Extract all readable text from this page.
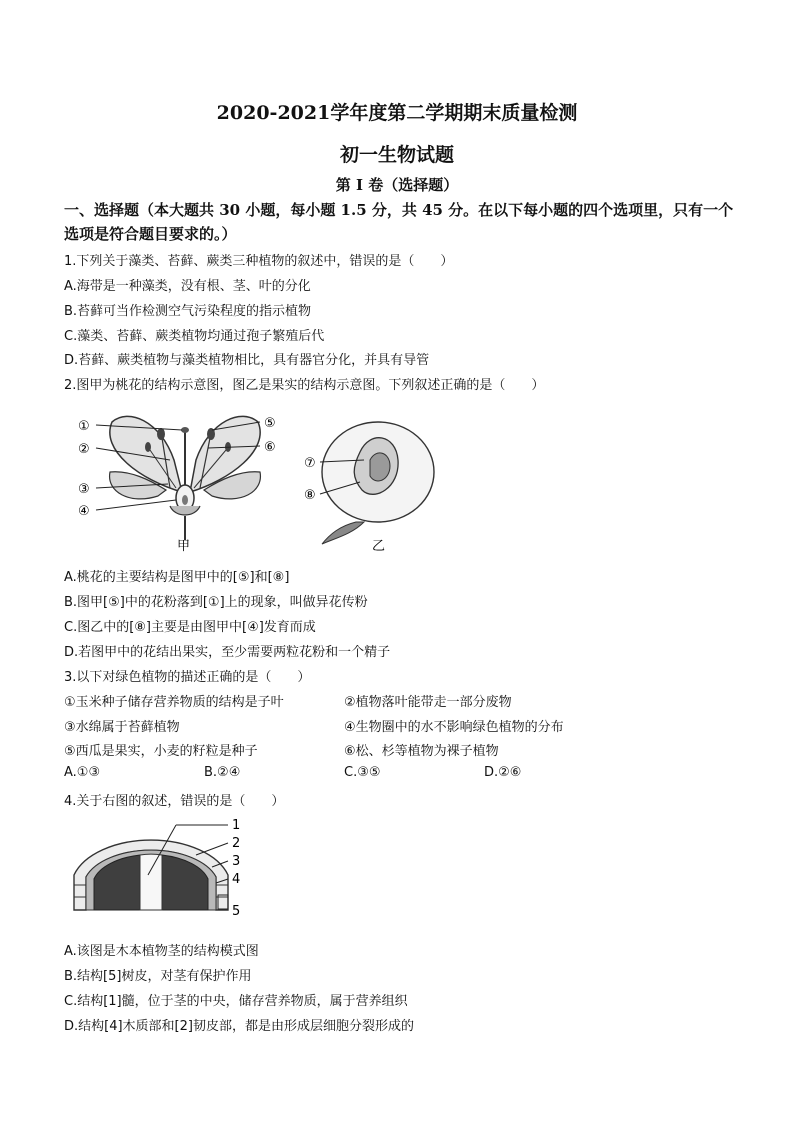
2020-2021学年度第二学期期末质量检测
初一生物试题
第 I 卷（选择题）
一、选择题（本大题共 30 小题，每小题 1.5 分，共 45 分。在以下每小题的四个选项里，只有一个选项是符合题目要求的。）
1.下列关于藻类、苔藓、蕨类三种植物的叙述中，错误的是（　　）
A.海带是一种藻类，没有根、茎、叶的分化
B.苔藓可当作检测空气污染程度的指示植物
C.藻类、苔藓、蕨类植物均通过孢子繁殖后代
D.苔藓、蕨类植物与藻类植物相比，具有器官分化，并具有导管
2.图甲为桃花的结构示意图，图乙是果实的结构示意图。下列叙述正确的是（　　）
①
②
③
④
⑤
⑥
甲
⑦
⑧
乙
A.桃花的主要结构是图甲中的[⑤]和[⑧]
B.图甲[⑤]中的花粉落到[①]上的现象，叫做异花传粉
C.图乙中的[⑧]主要是由图甲中[④]发育而成
D.若图甲中的花结出果实，至少需要两粒花粉和一个精子
3.以下对绿色植物的描述正确的是（　　）
①玉米种子储存营养物质的结构是子叶	②植物落叶能带走一部分废物
③水绵属于苔藓植物	④生物圈中的水不影响绿色植物的分布
⑤西瓜是果实，小麦的籽粒是种子	⑥松、杉等植物为裸子植物
A.①③	B.②④	C.③⑤	D.②⑥
4.关于右图的叙述，错误的是（　　）
1
2
3
4
5
A.该图是木本植物茎的结构模式图
B.结构[5]树皮，对茎有保护作用
C.结构[1]髓，位于茎的中央，储存营养物质，属于营养组织
D.结构[4]木质部和[2]韧皮部，都是由形成层细胞分裂形成的
